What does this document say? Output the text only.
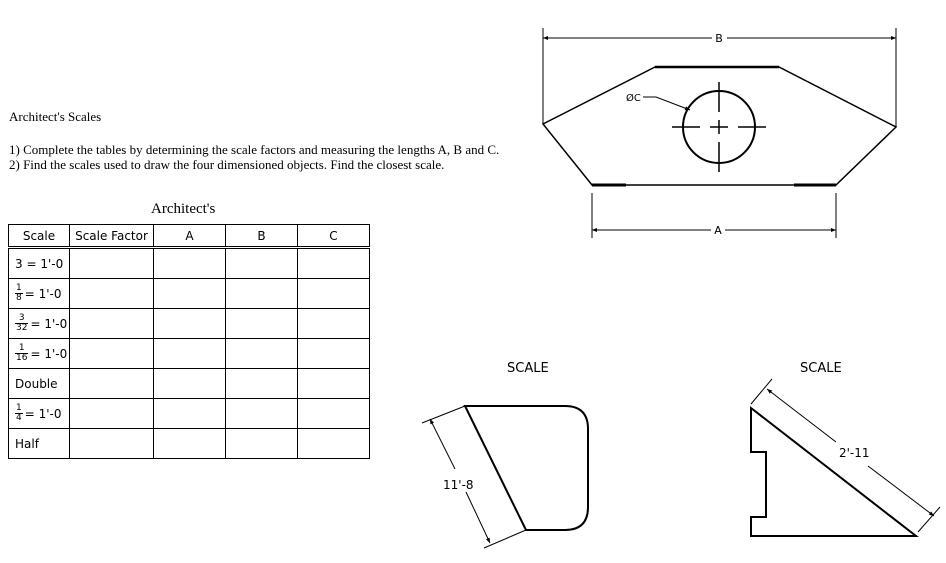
Architect's Scales
1) Complete the tables by determining the scale factors and measuring the lengths A, B and C.
2) Find the scales used to draw the four dimensioned objects. Find the closest scale.
Architect's
Scale	Scale Factor	A	B	C
3 = 1'-0				

$\frac{1}{8} = 1'-0$				

$\frac{3}{32} = 1'-0$				

$\frac{1}{16} = 1'-0$				
Double				

$\frac{1}{4} = 1'-0$				
Half				
B
A
ØC
SCALE
11'-8
SCALE
2'-11
